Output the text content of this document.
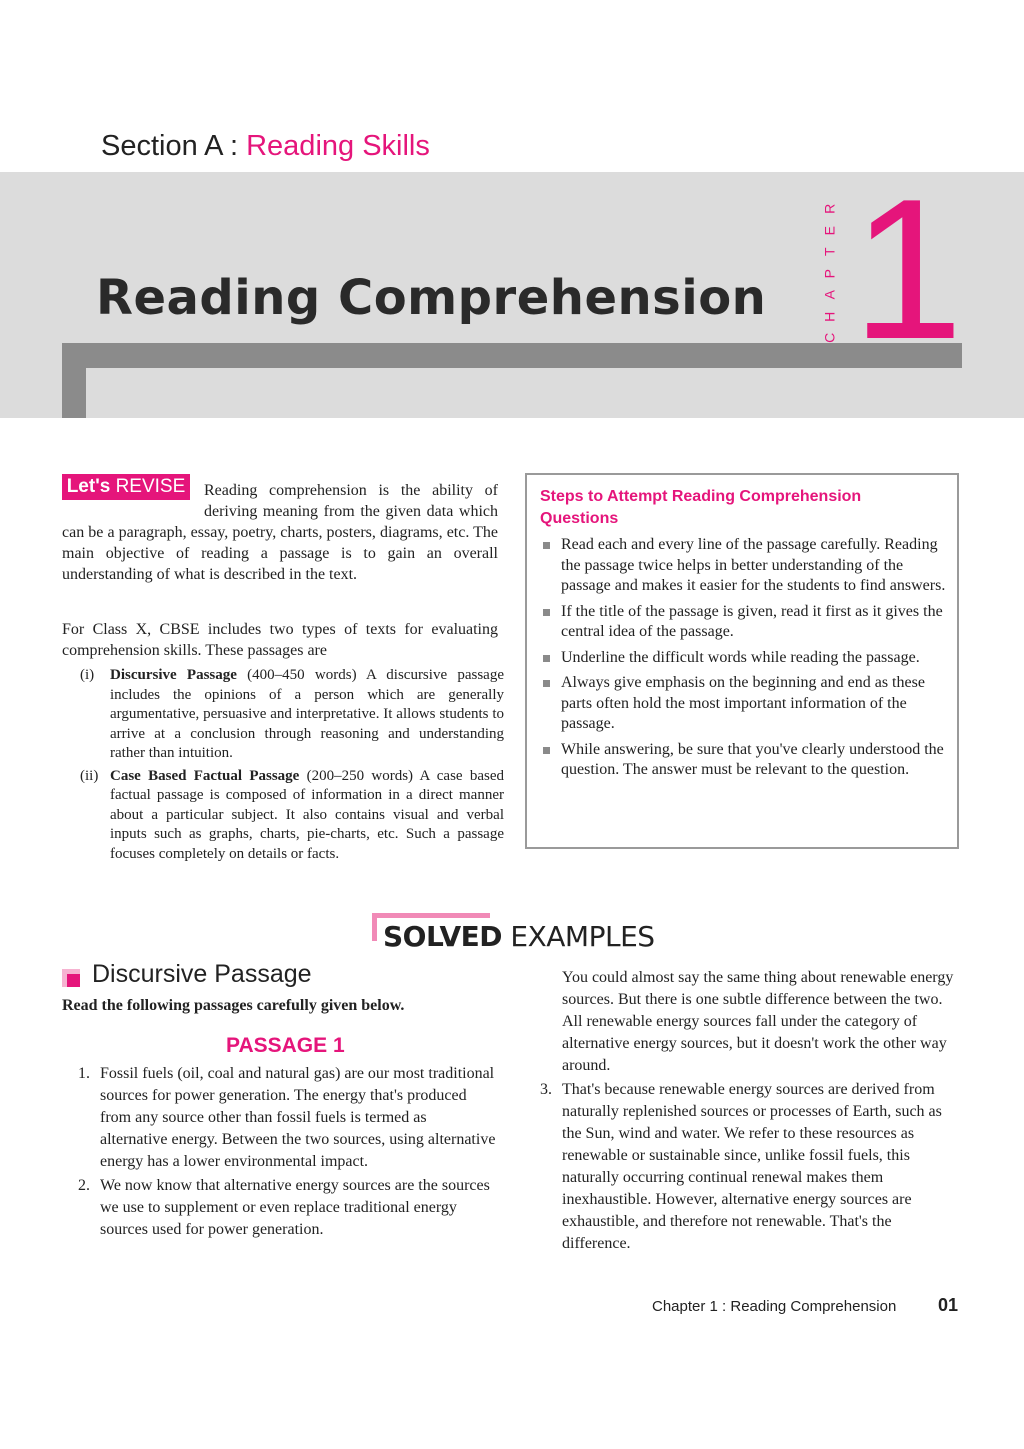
Section A : Reading Skills
Reading Comprehension
R
E
T
P
A
H
C 1
Let's REVISE	Reading comprehension is the ability of deriving meaning from the given data which can be a paragraph, essay, poetry, charts, posters, diagrams, etc. The main objective of reading a passage is to gain an overall understanding of what is described in the text.
For Class X, CBSE includes two types of texts for evaluating comprehension skills. These passages are
(i) Discursive Passage (400–450 words) A discursive passage includes the opinions of a person which are generally argumentative, persuasive and interpretative. It allows students to arrive at a conclusion through reasoning and understanding rather than intuition.
(ii) Case Based Factual Passage (200–250 words) A case based factual passage is composed of information in a direct manner about a particular subject. It also contains visual and verbal inputs such as graphs, charts, pie-charts, etc. Such a passage focuses completely on details or facts.
Steps to Attempt Reading Comprehension Questions
Read each and every line of the passage carefully. Reading the passage twice helps in better understanding of the passage and makes it easier for the students to find answers.
If the title of the passage is given, read it first as it gives the central idea of the passage.
Underline the difficult words while reading the passage.
Always give emphasis on the beginning and end as these parts often hold the most important information of the passage.
While answering, be sure that you've clearly understood the question. The answer must be relevant to the question.
SOLVED EXAMPLES
Discursive Passage
Read the following passages carefully given below.
PASSAGE 1
1. Fossil fuels (oil, coal and natural gas) are our most traditional sources for power generation. The energy that's produced from any source other than fossil fuels is termed as alternative energy. Between the two sources, using alternative energy has a lower environmental impact.
2. We now know that alternative energy sources are the sources we use to supplement or even replace traditional energy sources used for power generation.
You could almost say the same thing about renewable energy sources. But there is one subtle difference between the two. All renewable energy sources fall under the category of alternative energy sources, but it doesn't work the other way around.
3. That's because renewable energy sources are derived from naturally replenished sources or processes of Earth, such as the Sun, wind and water. We refer to these resources as renewable or sustainable since, unlike fossil fuels, this naturally occurring continual renewal makes them inexhaustible. However, alternative energy sources are exhaustible, and therefore not renewable. That's the difference.
Chapter 1 : Reading Comprehension 01
